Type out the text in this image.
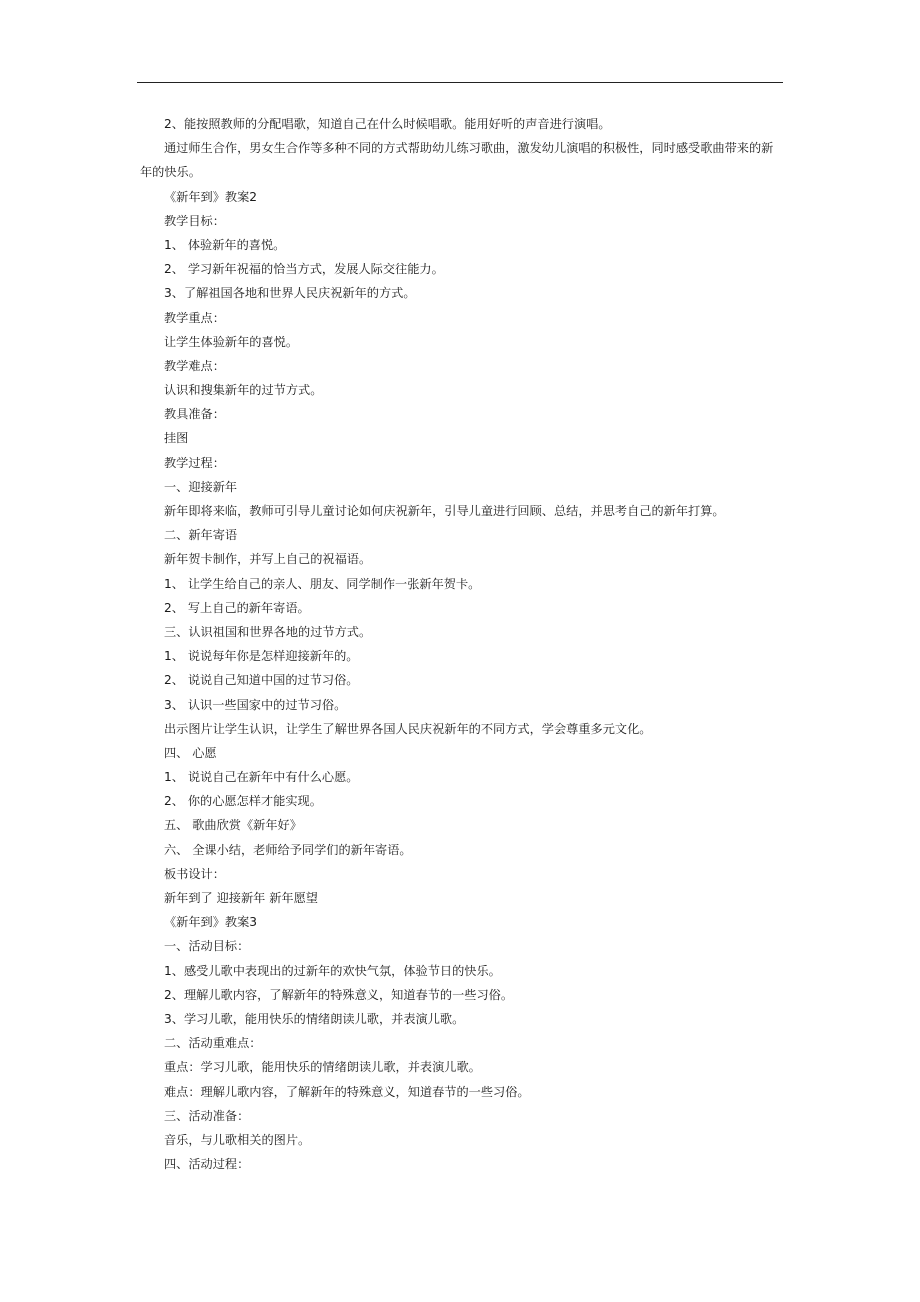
2、能按照教师的分配唱歌，知道自己在什么时候唱歌。能用好听的声音进行演唱。
通过师生合作，男女生合作等多种不同的方式帮助幼儿练习歌曲，激发幼儿演唱的积极性，同时感受歌曲带来的新年的快乐。
《新年到》教案2
教学目标：
1、 体验新年的喜悦。
2、 学习新年祝福的恰当方式，发展人际交往能力。
3、了解祖国各地和世界人民庆祝新年的方式。
教学重点：
让学生体验新年的喜悦。
教学难点：
认识和搜集新年的过节方式。
教具准备：
挂图
教学过程：
一、迎接新年
新年即将来临，教师可引导儿童讨论如何庆祝新年，引导儿童进行回顾、总结，并思考自己的新年打算。
二、新年寄语
新年贺卡制作，并写上自己的祝福语。
1、 让学生给自己的亲人、朋友、同学制作一张新年贺卡。
2、 写上自己的新年寄语。
三、认识祖国和世界各地的过节方式。
1、 说说每年你是怎样迎接新年的。
2、 说说自己知道中国的过节习俗。
3、 认识一些国家中的过节习俗。
出示图片让学生认识，让学生了解世界各国人民庆祝新年的不同方式，学会尊重多元文化。
四、 心愿
1、 说说自己在新年中有什么心愿。
2、 你的心愿怎样才能实现。
五、 歌曲欣赏《新年好》
六、 全课小结，老师给予同学们的新年寄语。
板书设计：
新年到了 迎接新年 新年愿望
《新年到》教案3
一、活动目标：
1、感受儿歌中表现出的过新年的欢快气氛，体验节日的快乐。
2、理解儿歌内容，了解新年的特殊意义，知道春节的一些习俗。
3、学习儿歌，能用快乐的情绪朗读儿歌，并表演儿歌。
二、活动重难点：
重点：学习儿歌，能用快乐的情绪朗读儿歌，并表演儿歌。
难点：理解儿歌内容，了解新年的特殊意义，知道春节的一些习俗。
三、活动准备：
音乐，与儿歌相关的图片。
四、活动过程：
